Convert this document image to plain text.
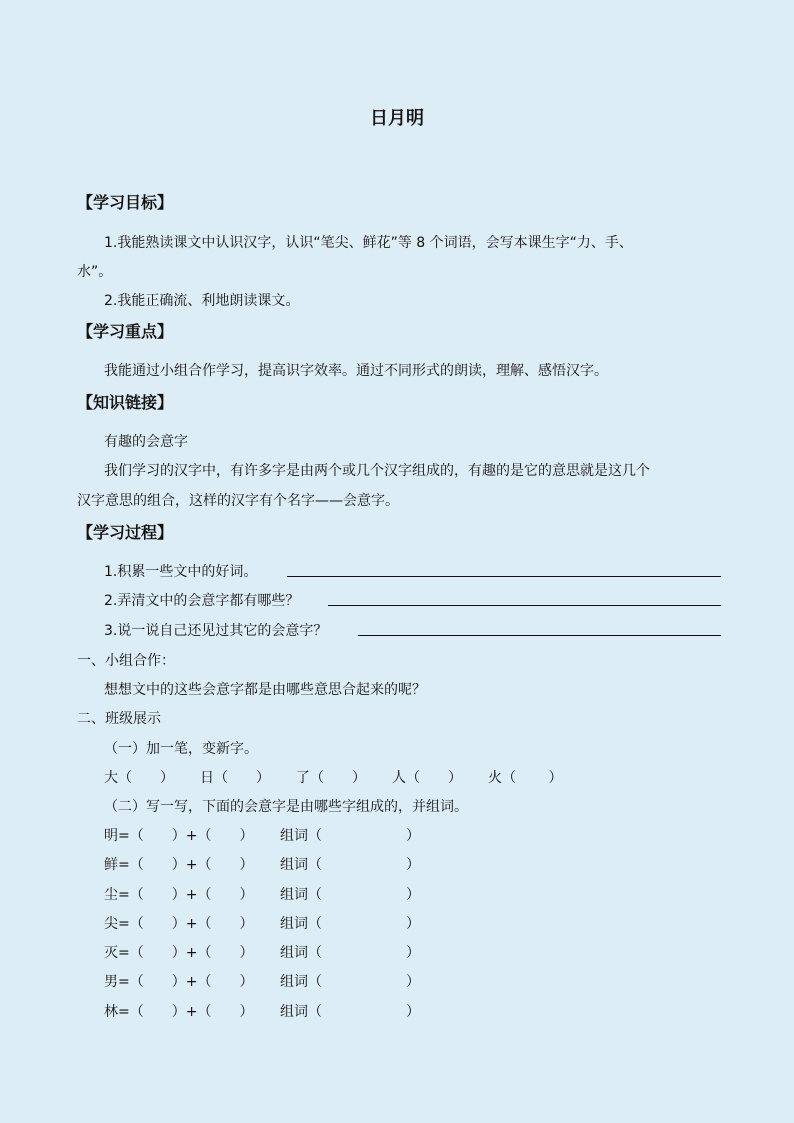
日月明
【学习目标】
1.我能熟读课文中认识汉字，认识“笔尖、鲜花”等 8 个词语，会写本课生字“力、手、
水”。
2.我能正确流、利地朗读课文。
【学习重点】
我能通过小组合作学习，提高识字效率。通过不同形式的朗读，理解、感悟汉字。
【知识链接】
有趣的会意字
我们学习的汉字中，有许多字是由两个或几个汉字组成的，有趣的是它的意思就是这几个
汉字意思的组合，这样的汉字有个名字——会意字。
【学习过程】
1.积累一些文中的好词。
2.弄清文中的会意字都有哪些？
3.说一说自己还见过其它的会意字？
一、小组合作：
想想文中的这些会意字都是由哪些意思合起来的呢？
二、班级展示
（一）加一笔，变新字。
大（　　） 日（　　） 了（　　） 人（　　） 火（　　 ）
（二）写一写，下面的会意字是由哪些字组成的，并组词。
明=（　　）+（　　） 组词（　　　　　　）
鲜=（　　）+（　　） 组词（　　　　　　）
尘=（　　）+（　　） 组词（　　　　　　）
尖=（　　）+（　　） 组词（　　　　　　）
灭=（　　）+（　　） 组词（　　　　　　）
男=（　　）+（　　） 组词（　　　　　　）
林=（　　）+（　　） 组词（　　　　　　）
